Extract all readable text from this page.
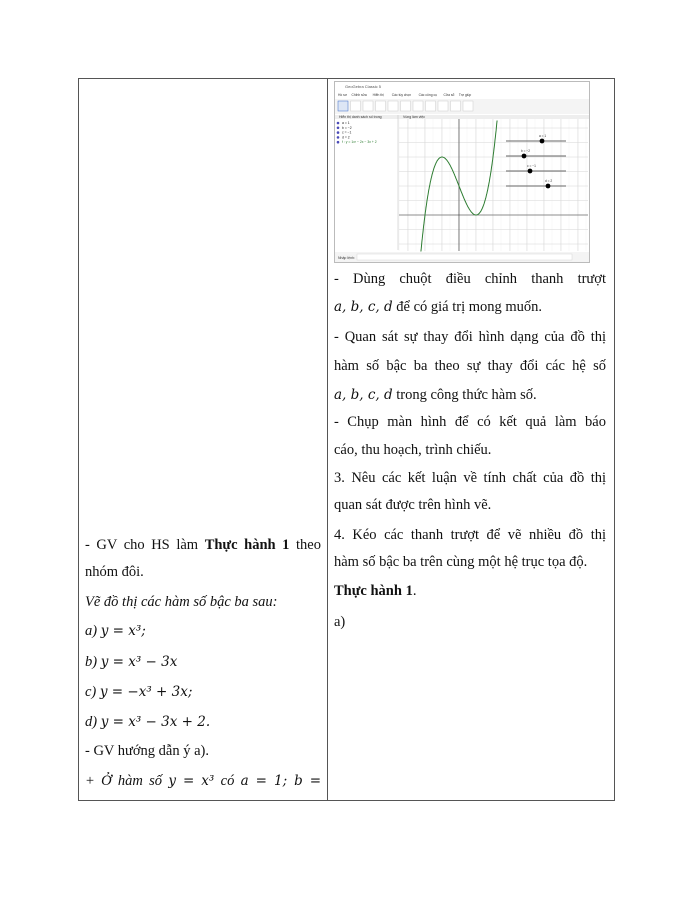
GeoGebra Classic 5
Hồ sơ Chỉnh sửa Hiển thị Các tùy chọn Các công cụ Cửa sổ Trợ giúp
Hiển thị danh sách số trong	Vùng làm việc
a = 1
b = −2
c = −1
d = 2
f : y = 1x³ − 2x − 3x + 2
a = 1
b = −2
c = −1
d = 2
Nhập lệnh:
- Dùng chuột điều chỉnh thanh trượt
a, b, c, d để có giá trị mong muốn.
- Quan sát sự thay đổi hình dạng của đồ thị
hàm số bậc ba theo sự thay đổi các hệ số
a, b, c, d trong công thức hàm số.
- Chụp màn hình để có kết quả làm báo
cáo, thu hoạch, trình chiếu.
3. Nêu các kết luận về tính chất của đồ thị
quan sát được trên hình vẽ.
4. Kéo các thanh trượt để vẽ nhiều đồ thị
hàm số bậc ba trên cùng một hệ trục tọa độ.
Thực hành 1.
a)
- GV cho HS làm Thực hành 1 theo
nhóm đôi.
Vẽ đồ thị các hàm số bậc ba sau:
a) y = x³;
b) y = x³ − 3x
c) y = −x³ + 3x;
d) y = x³ − 3x + 2.
- GV hướng dẫn ý a).
+ Ở hàm số y = x³ có a = 1; b =
